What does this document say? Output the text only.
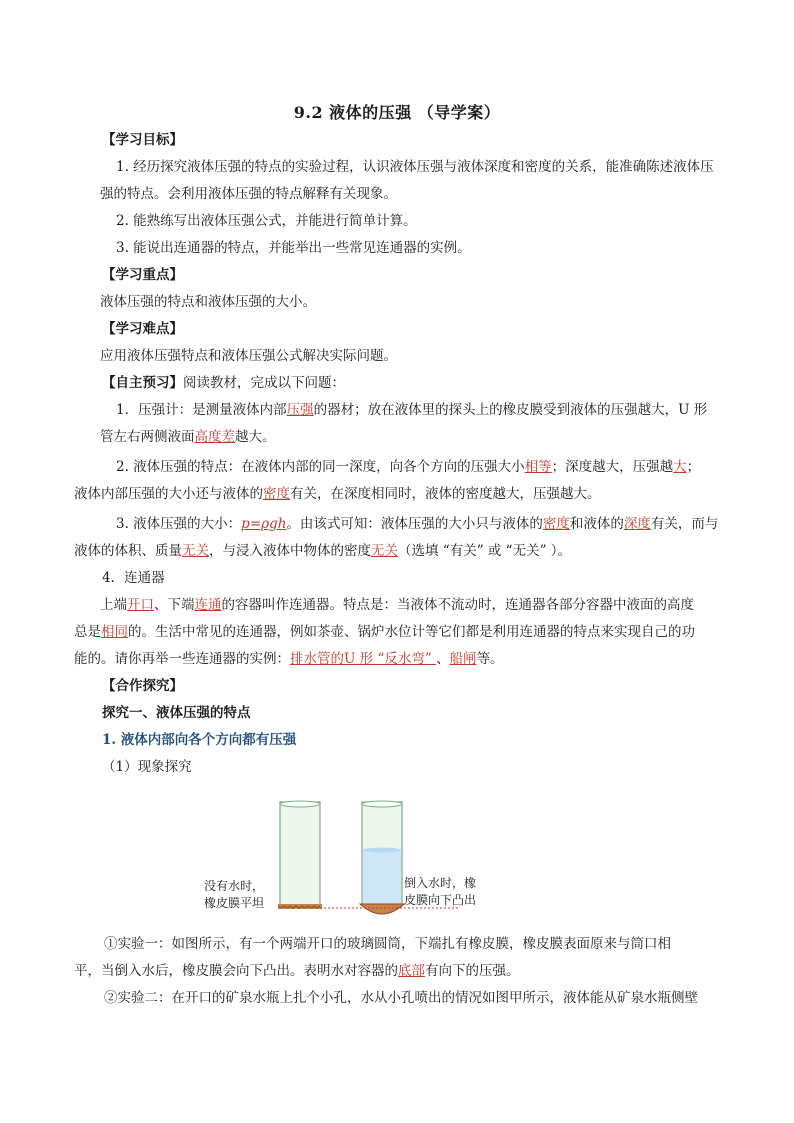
9.2 液体的压强 （导学案）
【学习目标】
1. 经历探究液体压强的特点的实验过程，认识液体压强与液体深度和密度的关系，能准确陈述液体压
强的特点。会利用液体压强的特点解释有关现象。
2. 能熟练写出液体压强公式，并能进行简单计算。
3. 能说出连通器的特点，并能举出一些常见连通器的实例。
【学习重点】
液体压强的特点和液体压强的大小。
【学习难点】
应用液体压强特点和液体压强公式解决实际问题。
【自主预习】阅读教材，完成以下问题：
1．压强计：是测量液体内部压强的器材；放在液体里的探头上的橡皮膜受到液体的压强越大，U 形
管左右两侧液面高度差越大。
2. 液体压强的特点：在液体内部的同一深度，向各个方向的压强大小相等；深度越大，压强越大；
液体内部压强的大小还与液体的密度有关，在深度相同时，液体的密度越大，压强越大。
3. 液体压强的大小：p=ρgh。由该式可知：液体压强的大小只与液体的密度和液体的深度有关，而与
液体的体积、质量无关，与浸入液体中物体的密度无关（选填 “有关” 或 “无关” ）。
4．连通器
上端开口、下端连通的容器叫作连通器。特点是：当液体不流动时，连通器各部分容器中液面的高度
总是相同的。生活中常见的连通器，例如茶壶、锅炉水位计等它们都是利用连通器的特点来实现自己的功
能的。请你再举一些连通器的实例：排水管的U 形 “反水弯” 、船闸等。
【合作探究】
探究一、液体压强的特点
1. 液体内部向各个方向都有压强
（1）现象探究
没有水时，
橡皮膜平坦
倒入水时，橡
皮膜向下凸出
①实验一：如图所示，有一个两端开口的玻璃圆筒，下端扎有橡皮膜，橡皮膜表面原来与筒口相
平，当倒入水后，橡皮膜会向下凸出。表明水对容器的底部有向下的压强。
②实验二：在开口的矿泉水瓶上扎个小孔，水从小孔喷出的情况如图甲所示，液体能从矿泉水瓶侧壁
